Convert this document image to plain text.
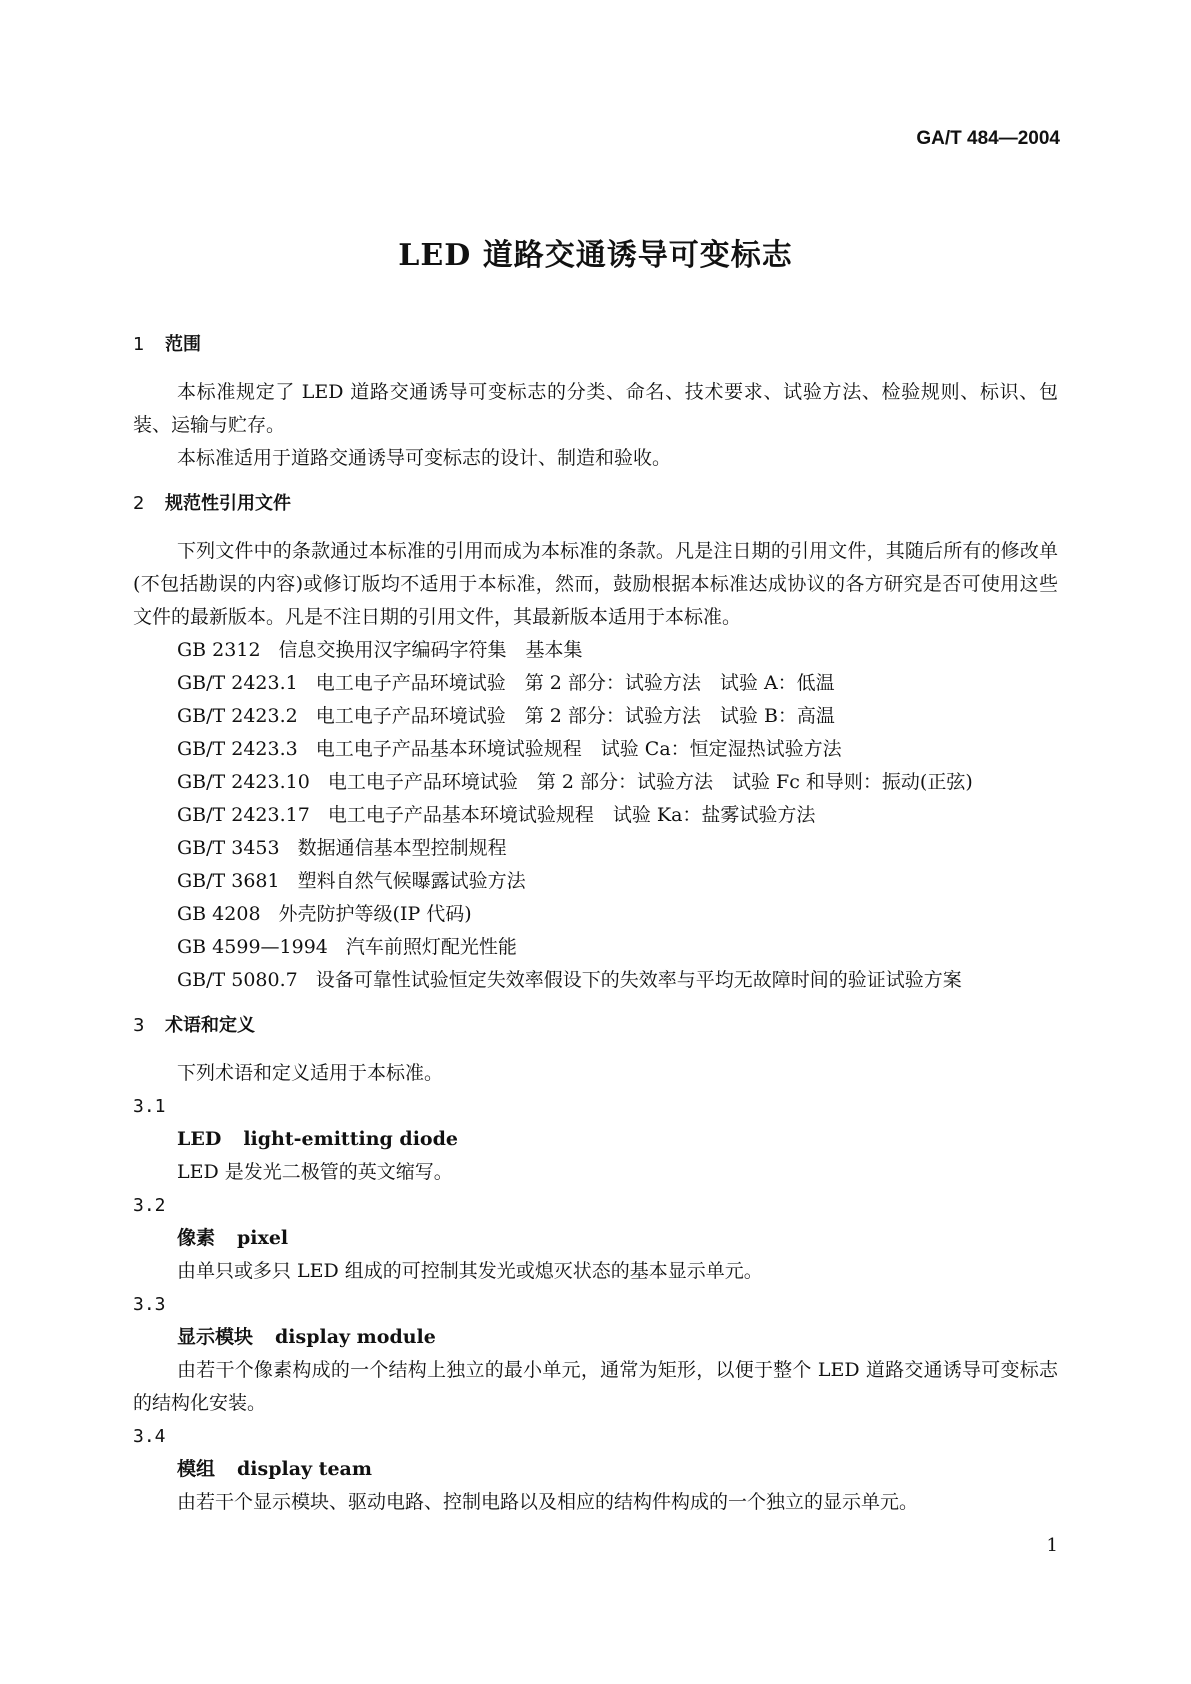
GA/T 484—2004
LED 道路交通诱导可变标志
1 范围

本标准规定了 LED 道路交通诱导可变标志的分类、命名、技术要求、试验方法、检验规则、标识、包装、运输与贮存。

本标准适用于道路交通诱导可变标志的设计、制造和验收。

2 规范性引用文件

下列文件中的条款通过本标准的引用而成为本标准的条款。凡是注日期的引用文件，其随后所有的修改单(不包括勘误的内容)或修订版均不适用于本标准，然而，鼓励根据本标准达成协议的各方研究是否可使用这些文件的最新版本。凡是不注日期的引用文件，其最新版本适用于本标准。

GB 2312 信息交换用汉字编码字符集　基本集
GB/T 2423.1 电工电子产品环境试验　第 2 部分：试验方法　试验 A：低温
GB/T 2423.2 电工电子产品环境试验　第 2 部分：试验方法　试验 B：高温
GB/T 2423.3 电工电子产品基本环境试验规程　试验 Ca：恒定湿热试验方法
GB/T 2423.10 电工电子产品环境试验　第 2 部分：试验方法　试验 Fc 和导则：振动(正弦)
GB/T 2423.17 电工电子产品基本环境试验规程　试验 Ka：盐雾试验方法
GB/T 3453 数据通信基本型控制规程
GB/T 3681 塑料自然气候曝露试验方法
GB 4208 外壳防护等级(IP 代码)
GB 4599—1994 汽车前照灯配光性能
GB/T 5080.7 设备可靠性试验恒定失效率假设下的失效率与平均无故障时间的验证试验方案
3 术语和定义

下列术语和定义适用于本标准。

3.1

LED light-emitting diode

LED 是发光二极管的英文缩写。

3.2

像素 pixel

由单只或多只 LED 组成的可控制其发光或熄灭状态的基本显示单元。

3.3

显示模块 display module

由若干个像素构成的一个结构上独立的最小单元，通常为矩形，以便于整个 LED 道路交通诱导可变标志的结构化安装。

3.4

模组 display team

由若干个显示模块、驱动电路、控制电路以及相应的结构件构成的一个独立的显示单元。

1
